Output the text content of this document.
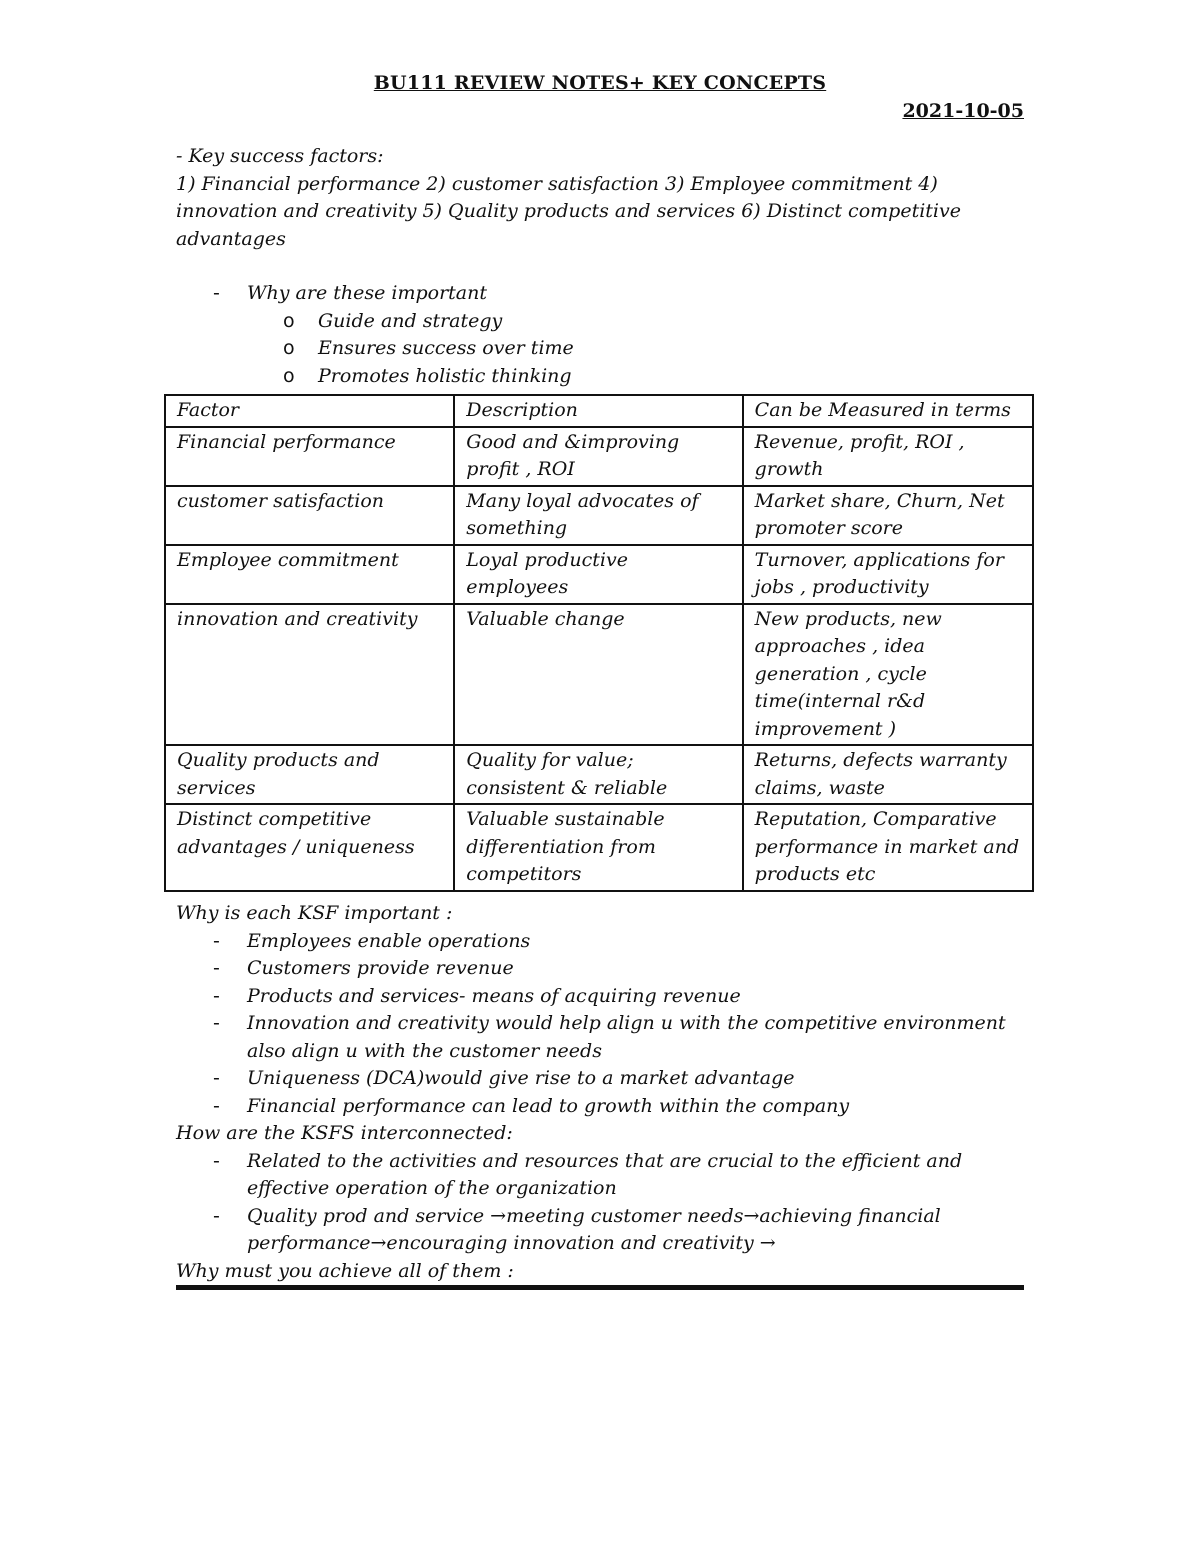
BU111 REVIEW NOTES+ KEY CONCEPTS
2021-10-05

- Key success factors:

1) Financial performance 2) customer satisfaction 3) Employee commitment 4) innovation and creativity 5) Quality products and services 6) Distinct competitive advantages

- Why are these important
o Guide and strategy
o Ensures success over time
o Promotes holistic thinking
Factor	Description	Can be Measured in terms
Financial performance	Good and &improving profit , ROI	Revenue, profit, ROI , growth
customer satisfaction	Many loyal advocates of something	Market share, Churn, Net promoter score
Employee commitment	Loyal productive employees	Turnover, applications for jobs , productivity
innovation and creativity	Valuable change	New products, new approaches , idea generation , cycle time(internal r&d improvement )
Quality products and services	Quality for value; consistent & reliable	Returns, defects warranty claims, waste
Distinct competitive advantages / uniqueness	Valuable sustainable differentiation from competitors	Reputation, Comparative performance in market and products etc

Why is each KSF important :

- Employees enable operations
- Customers provide revenue
- Products and services- means of acquiring revenue
- Innovation and creativity would help align u with the competitive environment also align u with the customer needs
- Uniqueness (DCA)would give rise to a market advantage
- Financial performance can lead to growth within the company

How are the KSFS interconnected:

- Related to the activities and resources that are crucial to the efficient and effective operation of the organization
- Quality prod and service →meeting customer needs→achieving financial performance→encouraging innovation and creativity →

Why must you achieve all of them :
